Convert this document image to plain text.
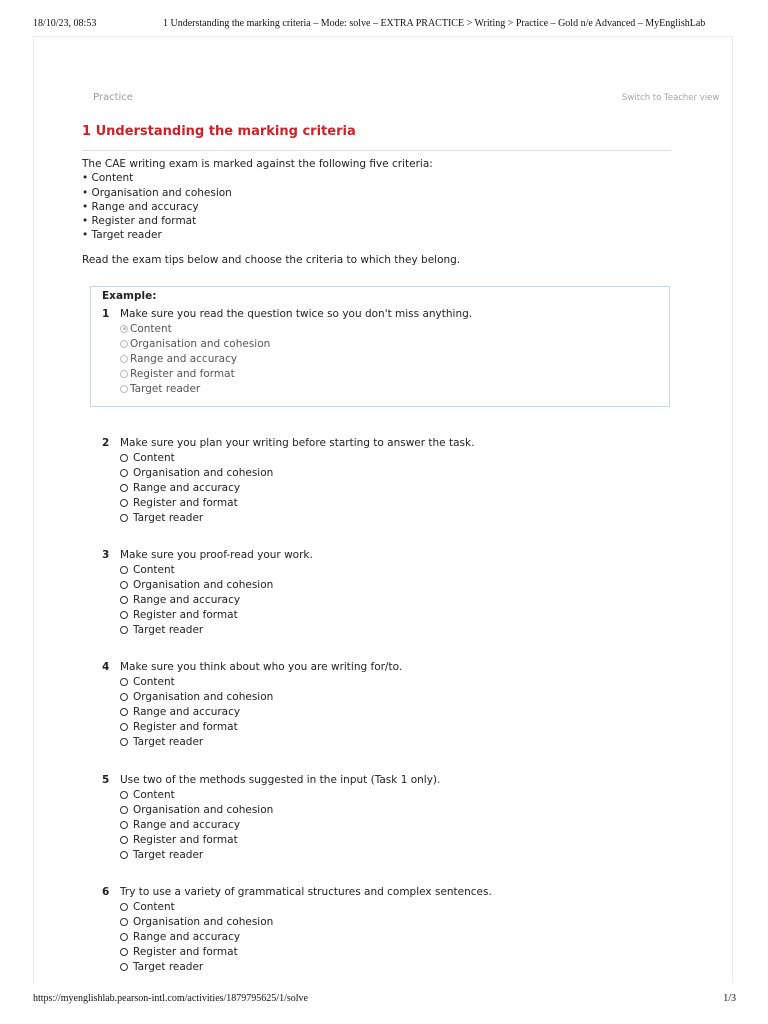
18/10/23, 08:53	1 Understanding the marking criteria – Mode: solve – EXTRA PRACTICE > Writing > Practice – Gold n/e Advanced – MyEnglishLab
Practice	Switch to Teacher view
1 Understanding the marking criteria
The CAE writing exam is marked against the following five criteria:
• Content
• Organisation and cohesion
• Range and accuracy
• Register and format
• Target reader
Read the exam tips below and choose the criteria to which they belong.
Example:
1	Make sure you read the question twice so you don't miss anything.
Content
Organisation and cohesion
Range and accuracy
Register and format
Target reader
2	Make sure you plan your writing before starting to answer the task.
Content
Organisation and cohesion
Range and accuracy
Register and format
Target reader
3	Make sure you proof-read your work.
Content
Organisation and cohesion
Range and accuracy
Register and format
Target reader
4	Make sure you think about who you are writing for/to.
Content
Organisation and cohesion
Range and accuracy
Register and format
Target reader
5	Use two of the methods suggested in the input (Task 1 only).
Content
Organisation and cohesion
Range and accuracy
Register and format
Target reader
6	Try to use a variety of grammatical structures and complex sentences.
Content
Organisation and cohesion
Range and accuracy
Register and format
Target reader
https://myenglishlab.pearson-intl.com/activities/1879795625/1/solve	1/3
